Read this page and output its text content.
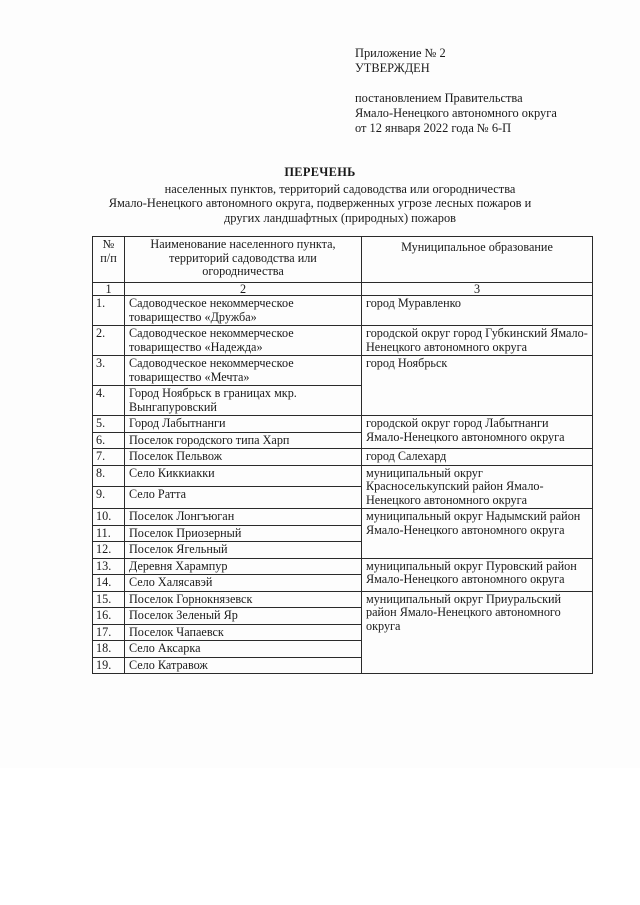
Приложение № 2
УТВЕРЖДЕН
постановлением Правительства
Ямало-Ненецкого автономного округа
от 12 января 2022 года № 6-П
ПЕРЕЧЕНЬ
населенных пунктов, территорий садоводства или огородничества
Ямало-Ненецкого автономного округа, подверженных угрозе лесных пожаров и
других ландшафтных (природных) пожаров
№ п/п	Наименование населенного пункта, территорий садоводства или огородничества	Муниципальное образование
1	2	3
1.	Садоводческое некоммерческое товарищество «Дружба»	город Муравленко
2.	Садоводческое некоммерческое товарищество «Надежда»	городской округ город Губкинский Ямало-Ненецкого автономного округа
3.	Садоводческое некоммерческое товарищество «Мечта»	город Ноябрьск
4.	Город Ноябрьск в границах мкр. Вынгапуровский	
5.	Город Лабытнанги	городской округ город Лабытнанги Ямало-Ненецкого автономного округа
6.	Поселок городского типа Харп	
7.	Поселок Пельвож	город Салехард
8.	Село Киккиакки	муниципальный округ Красноселькупский район Ямало-Ненецкого автономного округа
9.	Село Ратта	
10.	Поселок Лонгъюган	муниципальный округ Надымский район Ямало-Ненецкого автономного округа
11.	Поселок Приозерный	
12.	Поселок Ягельный	
13.	Деревня Харампур	муниципальный округ Пуровский район Ямало-Ненецкого автономного округа
14.	Село Халясавэй	
15.	Поселок Горнокнязевск	муниципальный округ Приуральский район Ямало-Ненецкого автономного округа
16.	Поселок Зеленый Яр	
17.	Поселок Чапаевск	
18.	Село Аксарка	
19.	Село Катравож	
